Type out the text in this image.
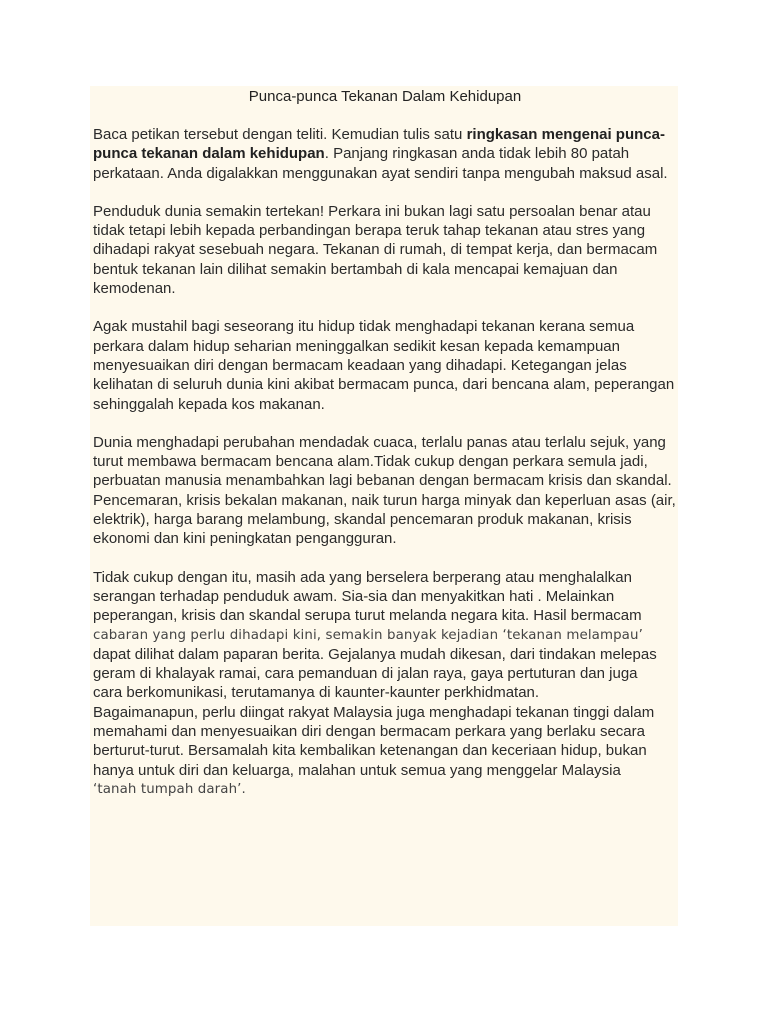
Punca-punca Tekanan Dalam Kehidupan

Baca petikan tersebut dengan teliti. Kemudian tulis satu ringkasan mengenai punca-punca tekanan dalam kehidupan. Panjang ringkasan anda tidak lebih 80 patah perkataan. Anda digalakkan menggunakan ayat sendiri tanpa mengubah maksud asal.

Penduduk dunia semakin tertekan! Perkara ini bukan lagi satu persoalan benar atau tidak tetapi lebih kepada perbandingan berapa teruk tahap tekanan atau stres yang dihadapi rakyat sesebuah negara. Tekanan di rumah, di tempat kerja, dan bermacam bentuk tekanan lain dilihat semakin bertambah di kala mencapai kemajuan dan kemodenan.

Agak mustahil bagi seseorang itu hidup tidak menghadapi tekanan kerana semua perkara dalam hidup seharian meninggalkan sedikit kesan kepada kemampuan menyesuaikan diri dengan bermacam keadaan yang dihadapi. Ketegangan jelas kelihatan di seluruh dunia kini akibat bermacam punca, dari bencana alam, peperangan sehinggalah kepada kos makanan.

Dunia menghadapi perubahan mendadak cuaca, terlalu panas atau terlalu sejuk, yang turut membawa bermacam bencana alam.Tidak cukup dengan perkara semula jadi, perbuatan manusia menambahkan lagi bebanan dengan bermacam krisis dan skandal. Pencemaran, krisis bekalan makanan, naik turun harga minyak dan keperluan asas (air, elektrik), harga barang melambung, skandal pencemaran produk makanan, krisis ekonomi dan kini peningkatan pengangguran.

Tidak cukup dengan itu, masih ada yang berselera berperang atau menghalalkan
serangan terhadap penduduk awam. Sia-sia dan menyakitkan hati . Melainkan
peperangan, krisis dan skandal serupa turut melanda negara kita. Hasil bermacam
cabaran yang perlu dihadapi kini, semakin banyak kejadian ‘tekanan melampau’
dapat dilihat dalam paparan berita. Gejalanya mudah dikesan, dari tindakan melepas
geram di khalayak ramai, cara pemanduan di jalan raya, gaya pertuturan dan juga
cara berkomunikasi, terutamanya di kaunter-kaunter perkhidmatan.
Bagaimanapun, perlu diingat rakyat Malaysia juga menghadapi tekanan tinggi dalam
memahami dan menyesuaikan diri dengan bermacam perkara yang berlaku secara
berturut-turut. Bersamalah kita kembalikan ketenangan dan keceriaan hidup, bukan
hanya untuk diri dan keluarga, malahan untuk semua yang menggelar Malaysia
‘tanah tumpah darah’.
